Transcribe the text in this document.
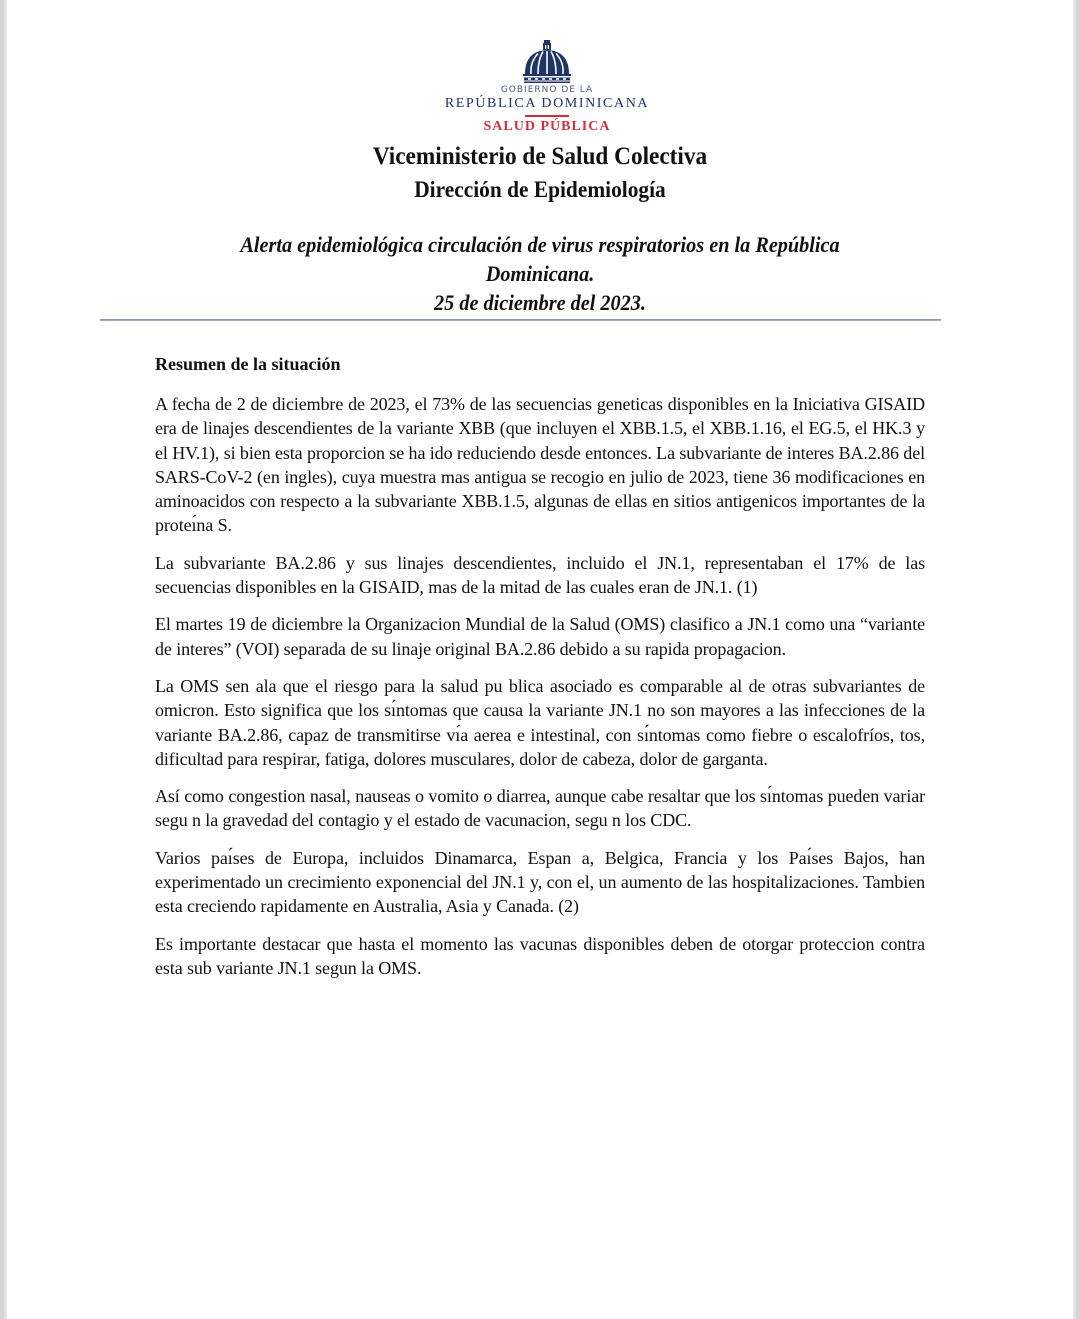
GOBIERNO DE LA
REPÚBLICA DOMINICANA
SALUD PÚBLICA
Viceministerio de Salud Colectiva
Dirección de Epidemiología
Alerta epidemiológica circulación de virus respiratorios en la República
Dominicana.
25 de diciembre del 2023.
Resumen de la situación

A fecha de 2 de diciembre de 2023, el 73% de las secuencias geneticas disponibles en la Iniciativa GISAID era de linajes descendientes de la variante XBB (que incluyen el XBB.1.5, el XBB.1.16, el EG.5, el HK.3 y el HV.1), si bien esta proporcion se ha ido reduciendo desde entonces. La subvariante de interes BA.2.86 del SARS-CoV-2 (en ingles), cuya muestra mas antigua se recogio en julio de 2023, tiene 36 modificaciones en aminoacidos con respecto a la subvariante XBB.1.5, algunas de ellas en sitios antigenicos importantes de la proteı́na S.

La subvariante BA.2.86 y sus linajes descendientes, incluido el JN.1, representaban el 17% de las secuencias disponibles en la GISAID, mas de la mitad de las cuales eran de JN.1. (1)

El martes 19 de diciembre la Organizacion Mundial de la Salud (OMS) clasifico a JN.1 como una “variante de interes” (VOI) separada de su linaje original BA.2.86 debido a su rapida propagacion.

La OMS sen ala que el riesgo para la salud pu blica asociado es comparable al de otras subvariantes de omicron. Esto significa que los sı́ntomas que causa la variante JN.1 no son mayores a las infecciones de la variante BA.2.86, capaz de transmitirse vı́a aerea e intestinal, con sı́ntomas como fiebre o escalofríos, tos, dificultad para respirar, fatiga, dolores musculares, dolor de cabeza, dolor de garganta.

Así como congestion nasal, nauseas o vomito o diarrea, aunque cabe resaltar que los sı́ntomas pueden variar segu n la gravedad del contagio y el estado de vacunacion, segu n los CDC.

Varios paı́ses de Europa, incluidos Dinamarca, Espan a, Belgica, Francia y los Paı́ses Bajos, han experimentado un crecimiento exponencial del JN.1 y, con el, un aumento de las hospitalizaciones. Tambien esta creciendo rapidamente en Australia, Asia y Canada. (2)

Es importante destacar que hasta el momento las vacunas disponibles deben de otorgar proteccion contra esta sub variante JN.1 segun la OMS.
